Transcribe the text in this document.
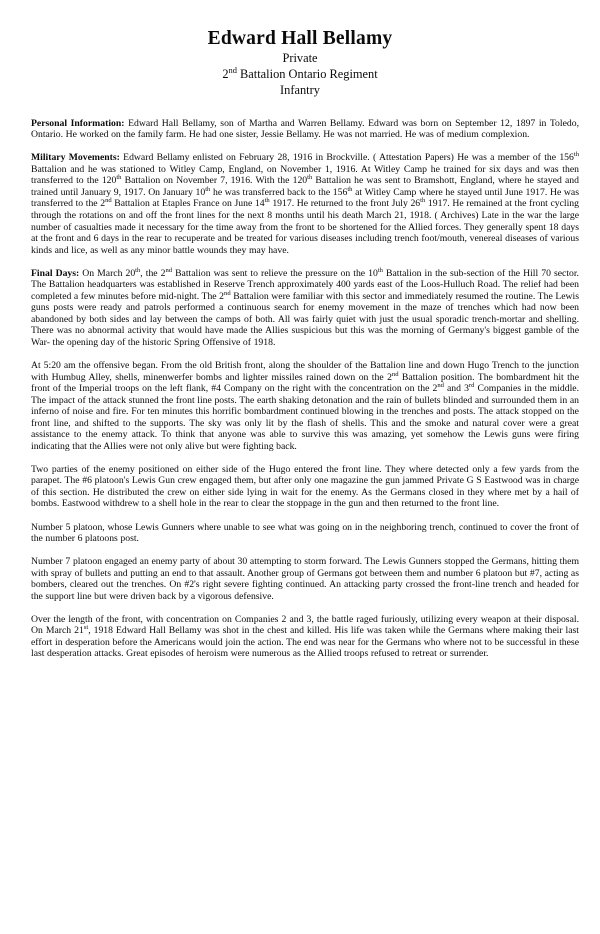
Edward Hall Bellamy
Private
2nd Battalion Ontario Regiment
Infantry

Personal Information: Edward Hall Bellamy, son of Martha and Warren Bellamy. Edward was born on September 12, 1897 in Toledo, Ontario. He worked on the family farm. He had one sister, Jessie Bellamy. He was not married. He was of medium complexion.

Military Movements: Edward Bellamy enlisted on February 28, 1916 in Brockville. ( Attestation Papers) He was a member of the 156th Battalion and he was stationed to Witley Camp, England, on November 1, 1916. At Witley Camp he trained for six days and was then transferred to the 120th Battalion on November 7, 1916. With the 120th Battalion he was sent to Bramshott, England, where he stayed and trained until January 9, 1917. On January 10th he was transferred back to the 156th at Witley Camp where he stayed until June 1917. He was transferred to the 2nd Battalion at Etaples France on June 14th 1917. He returned to the front July 26th 1917. He remained at the front cycling through the rotations on and off the front lines for the next 8 months until his death March 21, 1918. ( Archives) Late in the war the large number of casualties made it necessary for the time away from the front to be shortened for the Allied forces. They generally spent 18 days at the front and 6 days in the rear to recuperate and be treated for various diseases including trench foot/mouth, venereal diseases of various kinds and lice, as well as any minor battle wounds they may have.

Final Days: On March 20th, the 2nd Battalion was sent to relieve the pressure on the 10th Battalion in the sub-section of the Hill 70 sector. The Battalion headquarters was established in Reserve Trench approximately 400 yards east of the Loos-Hulluch Road. The relief had been completed a few minutes before mid-night. The 2nd Battalion were familiar with this sector and immediately resumed the routine. The Lewis guns posts were ready and patrols performed a continuous search for enemy movement in the maze of trenches which had now been abandoned by both sides and lay between the camps of both. All was fairly quiet with just the usual sporadic trench-mortar and shelling. There was no abnormal activity that would have made the Allies suspicious but this was the morning of Germany's biggest gamble of the War- the opening day of the historic Spring Offensive of 1918.

At 5:20 am the offensive began. From the old British front, along the shoulder of the Battalion line and down Hugo Trench to the junction with Humbug Alley, shells, minenwerfer bombs and lighter missiles rained down on the 2nd Battalion position. The bombardment hit the front of the Imperial troops on the left flank, #4 Company on the right with the concentration on the 2nd and 3rd Companies in the middle. The impact of the attack stunned the front line posts. The earth shaking detonation and the rain of bullets blinded and surrounded them in an inferno of noise and fire. For ten minutes this horrific bombardment continued blowing in the trenches and posts. The attack stopped on the front line, and shifted to the supports. The sky was only lit by the flash of shells. This and the smoke and natural cover were a great assistance to the enemy attack. To think that anyone was able to survive this was amazing, yet somehow the Lewis guns were firing indicating that the Allies were not only alive but were fighting back.

Two parties of the enemy positioned on either side of the Hugo entered the front line. They where detected only a few yards from the parapet. The #6 platoon's Lewis Gun crew engaged them, but after only one magazine the gun jammed Private G S Eastwood was in charge of this section. He distributed the crew on either side lying in wait for the enemy. As the Germans closed in they where met by a hail of bombs. Eastwood withdrew to a shell hole in the rear to clear the stoppage in the gun and then returned to the front line.

Number 5 platoon, whose Lewis Gunners where unable to see what was going on in the neighboring trench, continued to cover the front of the number 6 platoons post.

Number 7 platoon engaged an enemy party of about 30 attempting to storm forward. The Lewis Gunners stopped the Germans, hitting them with spray of bullets and putting an end to that assault. Another group of Germans got between them and number 6 platoon but #7, acting as bombers, cleared out the trenches. On #2's right severe fighting continued. An attacking party crossed the front-line trench and headed for the support line but were driven back by a vigorous defensive.

Over the length of the front, with concentration on Companies 2 and 3, the battle raged furiously, utilizing every weapon at their disposal. On March 21st, 1918 Edward Hall Bellamy was shot in the chest and killed. His life was taken while the Germans where making their last effort in desperation before the Americans would join the action. The end was near for the Germans who where not to be successful in these last desperation attacks. Great episodes of heroism were numerous as the Allied troops refused to retreat or surrender.
